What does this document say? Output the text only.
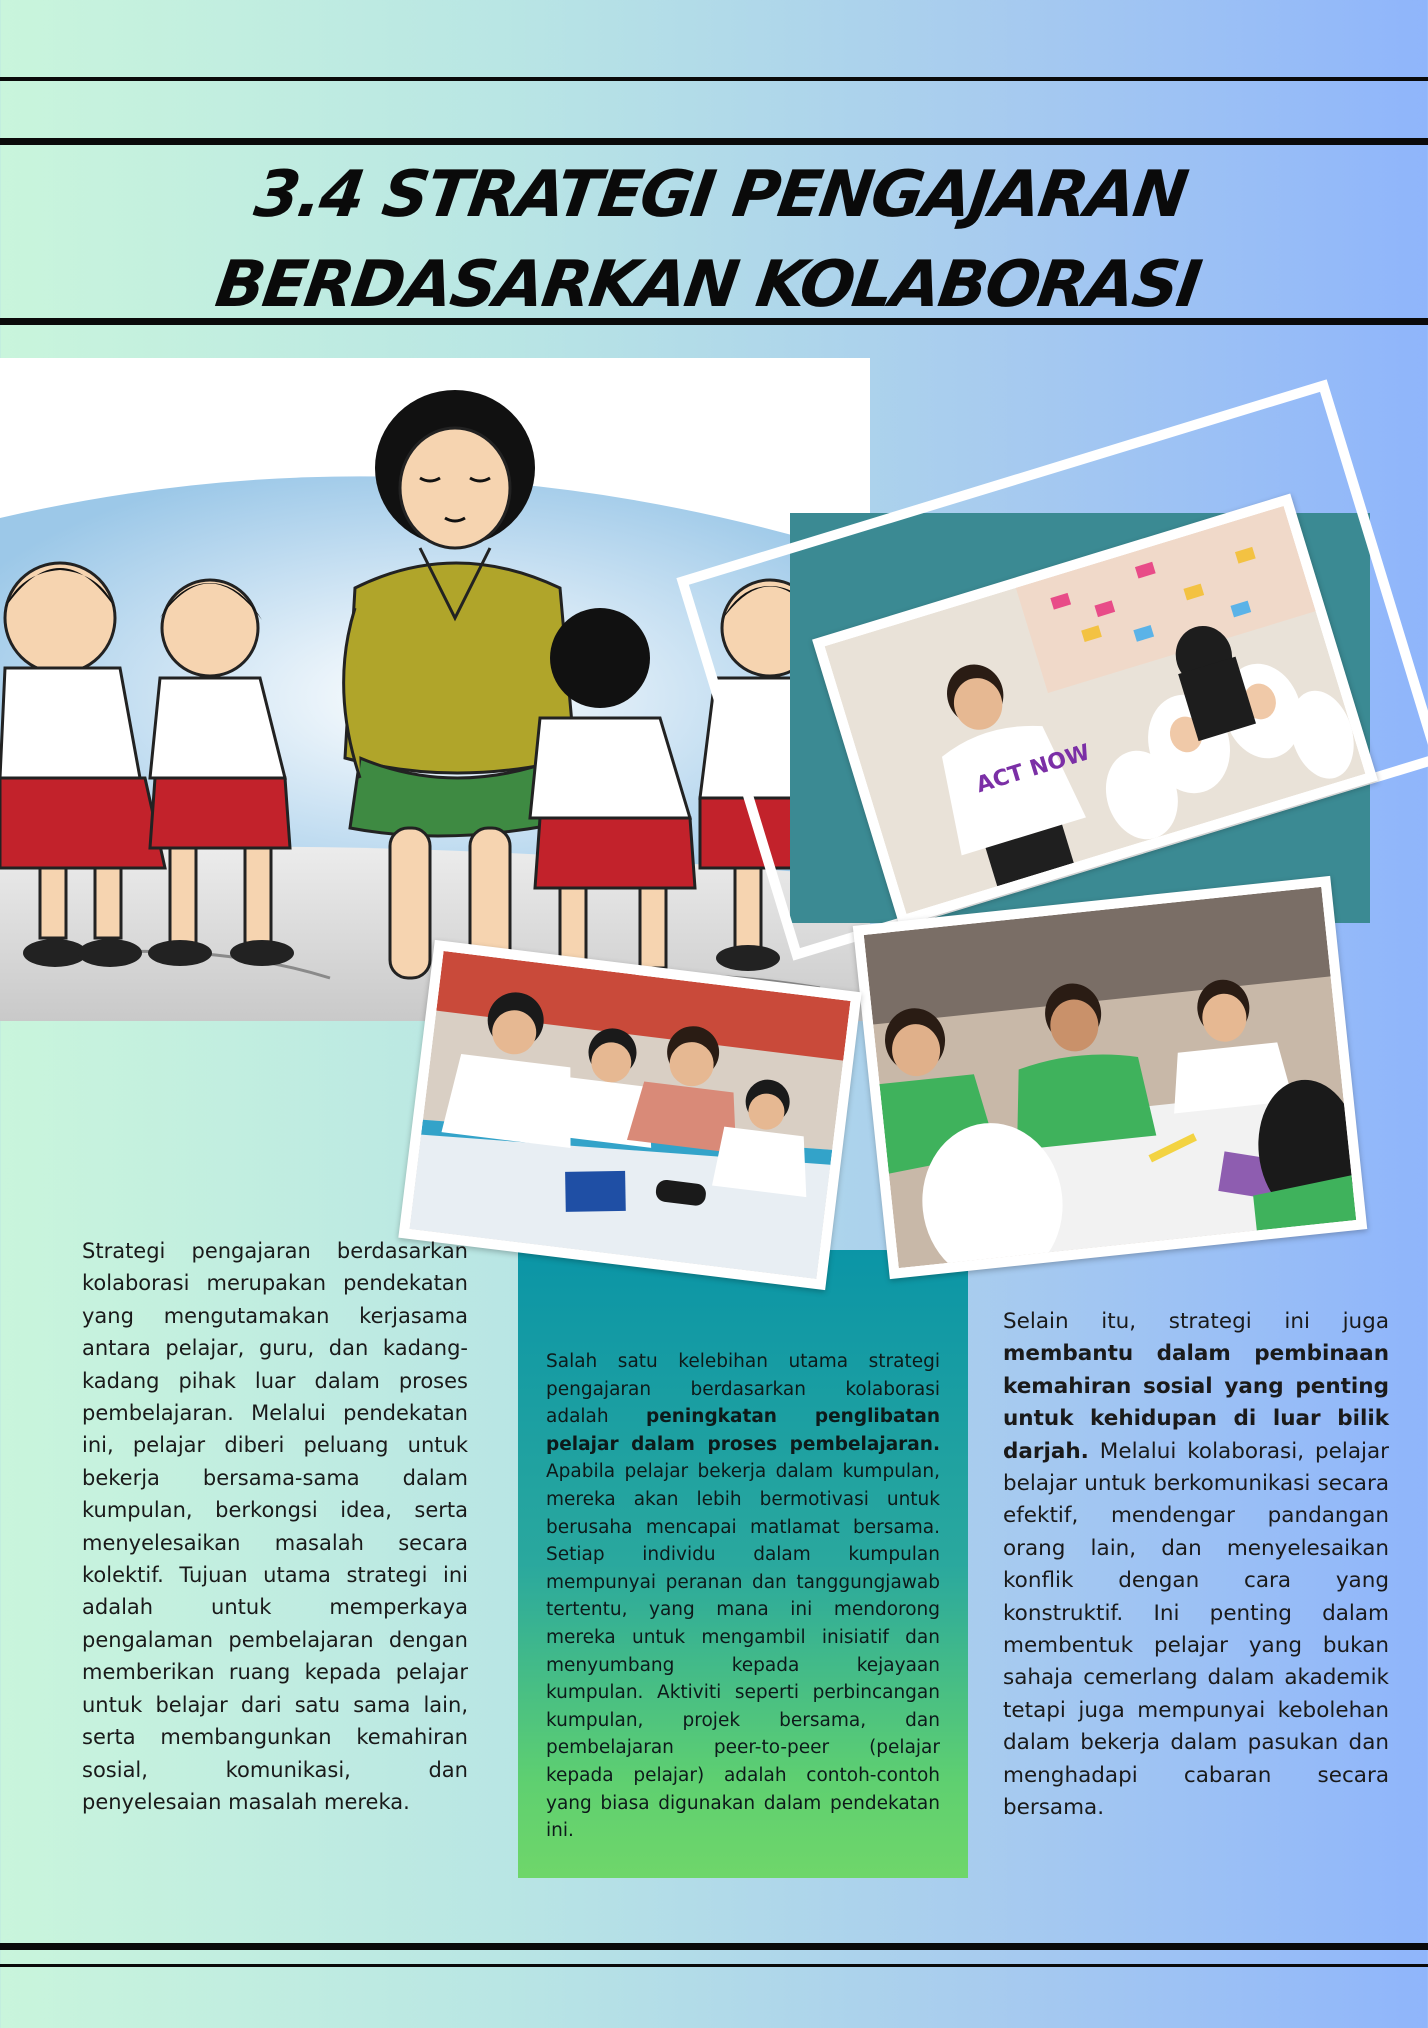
3.4 STRATEGI PENGAJARAN
BERDASARKAN KOLABORASI
ACT NOW
Strategi pengajaran berdasarkan kolaborasi merupakan pendekatan yang mengutamakan kerjasama antara pelajar, guru, dan kadang-kadang pihak luar dalam proses pembelajaran. Melalui pendekatan ini, pelajar diberi peluang untuk bekerja bersama-sama dalam kumpulan, berkongsi idea, serta menyelesaikan masalah secara kolektif. Tujuan utama strategi ini adalah untuk memperkaya pengalaman pembelajaran dengan memberikan ruang kepada pelajar untuk belajar dari satu sama lain, serta membangunkan kemahiran sosial, komunikasi, dan penyelesaian masalah mereka.
Salah satu kelebihan utama strategi pengajaran berdasarkan kolaborasi adalah peningkatan penglibatan pelajar dalam proses pembelajaran. Apabila pelajar bekerja dalam kumpulan, mereka akan lebih bermotivasi untuk berusaha mencapai matlamat bersama. Setiap individu dalam kumpulan mempunyai peranan dan tanggungjawab tertentu, yang mana ini mendorong mereka untuk mengambil inisiatif dan menyumbang kepada kejayaan kumpulan. Aktiviti seperti perbincangan kumpulan, projek bersama, dan pembelajaran peer-to-peer (pelajar kepada pelajar) adalah contoh-contoh yang biasa digunakan dalam pendekatan ini.
Selain itu, strategi ini juga membantu dalam pembinaan kemahiran sosial yang penting untuk kehidupan di luar bilik darjah. Melalui kolaborasi, pelajar belajar untuk berkomunikasi secara efektif, mendengar pandangan orang lain, dan menyelesaikan konflik dengan cara yang konstruktif. Ini penting dalam membentuk pelajar yang bukan sahaja cemerlang dalam akademik tetapi juga mempunyai kebolehan dalam bekerja dalam pasukan dan menghadapi cabaran secara bersama.
